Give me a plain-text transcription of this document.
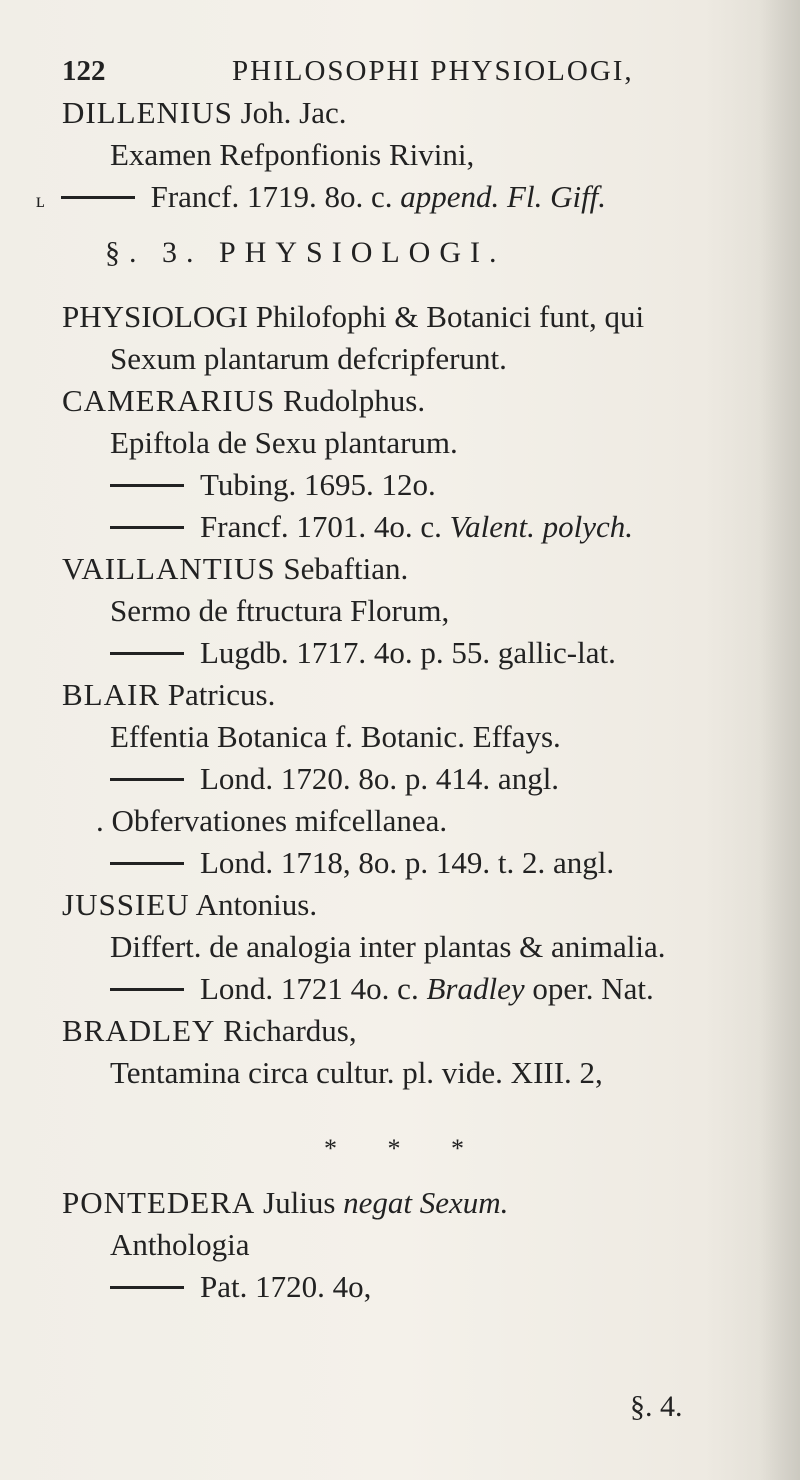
122	PHILOSOPHI PHYSIOLOGI,
DILLENIUS Joh. Jac.
Examen Refponfionis Rivini,
ʟ	Francf. 1719. 8o. c. append. Fl. Giff.
§. 3. PHYSIOLOGI.
PHYSIOLOGI Philofophi & Botanici funt, qui
Sexum plantarum defcripferunt.
CAMERARIUS Rudolphus.
Epiftola de Sexu plantarum.
Tubing. 1695. 12o.
Francf. 1701. 4o. c. Valent. polych.
VAILLANTIUS Sebaftian.
Sermo de ftructura Florum,
Lugdb. 1717. 4o. p. 55. gallic-lat.
BLAIR Patricus.
Effentia Botanica f. Botanic. Effays.
Lond. 1720. 8o. p. 414. angl.
. Obfervationes mifcellanea.
Lond. 1718, 8o. p. 149. t. 2. angl.
JUSSIEU Antonius.
Differt. de analogia inter plantas & animalia.
Lond. 1721 4o. c. Bradley oper. Nat.
BRADLEY Richardus,
Tentamina circa cultur. pl. vide. XIII. 2,
* * *
PONTEDERA Julius negat Sexum.
Anthologia
Pat. 1720. 4o,
§. 4.
